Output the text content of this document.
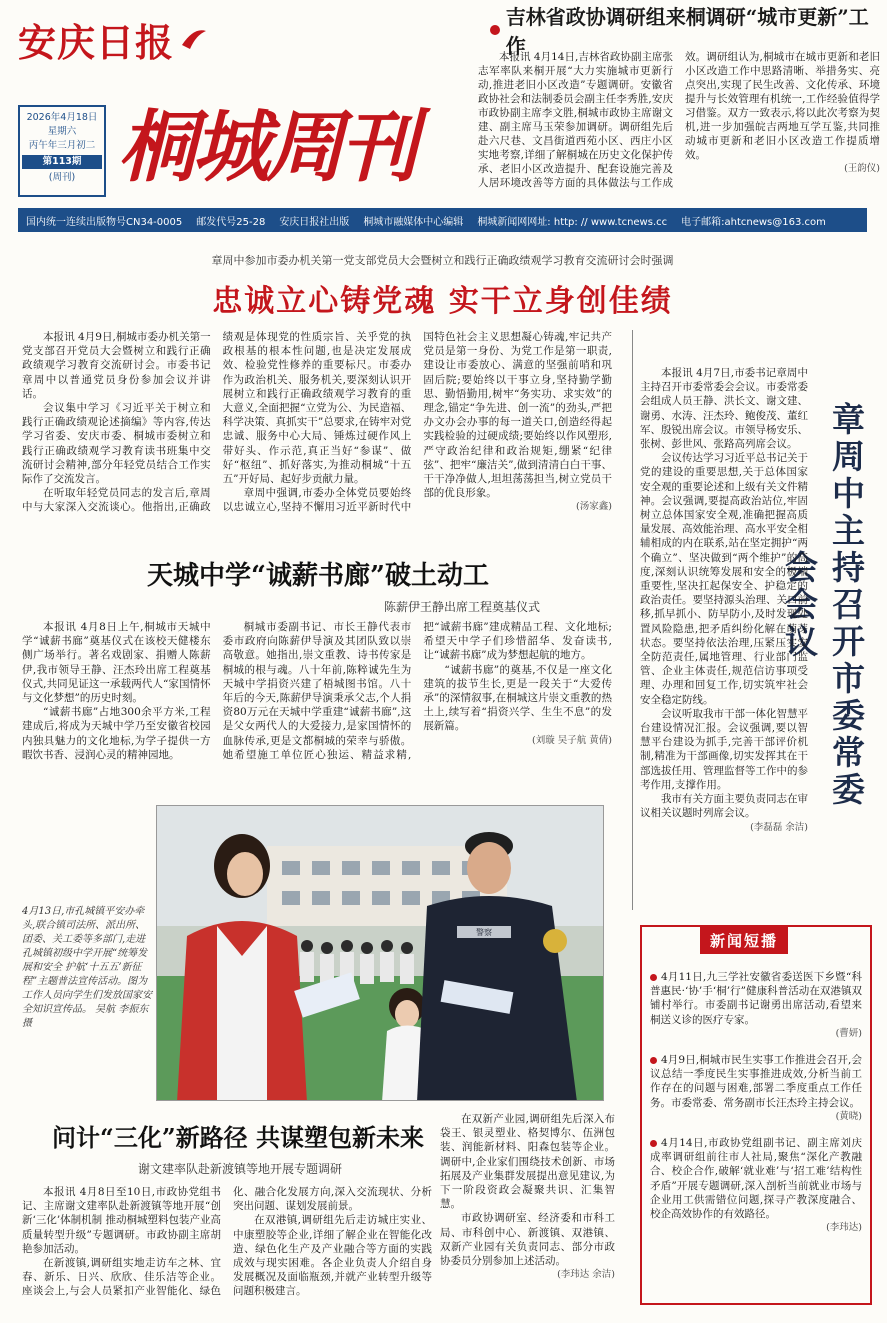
安庆日报
2026年4月18日
星期六
丙午年三月初二
第113期
(周刊) 桐城周刊
吉林省政协调研组来桐调研“城市更新”工作

本报讯 4月14日,吉林省政协副主席张志军率队来桐开展“大力实施城市更新行动,推进老旧小区改造”专题调研。安徽省政协社会和法制委员会副主任李秀胜,安庆市政协副主席李文胜,桐城市政协主席谢文建、副主席马玉荣参加调研。调研组先后赴六尺巷、文昌街道西苑小区、西庄小区实地考察,详细了解桐城在历史文化保护传承、老旧小区改造提升、配套设施完善及人居环境改善等方面的具体做法与工作成效。调研组认为,桐城市在城市更新和老旧小区改造工作中思路清晰、举措务实、亮点突出,实现了民生改善、文化传承、环境提升与长效管理有机统一,工作经验值得学习借鉴。双方一致表示,将以此次考察为契机,进一步加强皖吉两地互学互鉴,共同推动城市更新和老旧小区改造工作提质增效。

(王韵仪)
国内统一连续出版物号CN34-0005 邮发代号25-28 安庆日报社出版 桐城市融媒体中心编辑 桐城新闻网网址: http: // www.tcnews.cc 电子邮箱:ahtcnews@163.com
章周中参加市委办机关第一党支部党员大会暨树立和践行正确政绩观学习教育交流研讨会时强调
忠诚立心铸党魂 实干立身创佳绩

本报讯 4月9日,桐城市委办机关第一党支部召开党员大会暨树立和践行正确政绩观学习教育交流研讨会。市委书记章周中以普通党员身份参加会议并讲话。

会议集中学习《习近平关于树立和践行正确政绩观论述摘编》等内容,传达学习省委、安庆市委、桐城市委树立和践行正确政绩观学习教育读书班集中交流研讨会精神,部分年轻党员结合工作实际作了交流发言。

在听取年轻党员同志的发言后,章周中与大家深入交流谈心。他指出,正确政绩观是体现党的性质宗旨、关乎党的执政根基的根本性问题,也是决定发展成效、检验党性修养的重要标尺。市委办作为政治机关、服务机关,要深刻认识开展树立和践行正确政绩观学习教育的重大意义,全面把握“立党为公、为民造福、科学决策、真抓实干”总要求,在铸牢对党忠诚、服务中心大局、锤炼过硬作风上带好头、作示范,真正当好“参谋”、做好“枢纽”、抓好落实,为推动桐城“十五五”开好局、起好步贡献力量。

章周中强调,市委办全体党员要始终以忠诚立心,坚持不懈用习近平新时代中国特色社会主义思想凝心铸魂,牢记共产党员是第一身份、为党工作是第一职责,建设让市委放心、满意的坚强前哨和巩固后院;要始终以干事立身,坚持勤学勤思、勤悟勤用,树牢“务实功、求实效”的理念,锚定“争先进、创一流”的劲头,严把办文办会办事的每一道关口,创造经得起实践检验的过硬成绩;要始终以作风塑形,严守政治纪律和政治规矩,绷紧“纪律弦”、把牢“廉洁关”,做到清清白白干事、干干净净做人,坦坦荡荡担当,树立党员干部的优良形象。

(汤家鑫)	章周中主持召开市委常委会会议

本报讯 4月7日,市委书记章周中主持召开市委常委会会议。市委常委会组成人员王静、洪长文、谢文建、谢勇、水涛、汪杰玲、鲍俊茂、董红军、殷锐出席会议。市领导杨安乐、张树、彭世风、张路高列席会议。

会议传达学习习近平总书记关于党的建设的重要思想,关于总体国家安全观的重要论述和上级有关文件精神。会议强调,要提高政治站位,牢固树立总体国家安全观,准确把握高质量发展、高效能治理、高水平安全相辅相成的内在联系,站在坚定拥护“两个确立”、坚决做到“两个维护”的高度,深刻认识统筹发展和安全的极端重要性,坚决扛起保安全、护稳定的政治责任。要坚持源头治理、关口前移,抓早抓小、防早防小,及时发现处置风险隐患,把矛盾纠纷化解在萌芽状态。要坚持依法治理,压紧压实安全防范责任,属地管理、行业部门监管、企业主体责任,规范信访事项受理、办理和回复工作,切实筑牢社会安全稳定防线。

会议听取我市干部一体化智慧平台建设情况汇报。会议强调,要以智慧平台建设为抓手,完善干部评价机制,精准为干部画像,切实发挥其在干部选拔任用、管理监督等工作中的参考作用,支撑作用。

我市有关方面主要负责同志在审议相关议题时列席会议。

(李磊磊 余洁)
天城中学“诚薪书廊”破土动工
陈薪伊王静出席工程奠基仪式

本报讯 4月8日上午,桐城市天城中学“诚薪书廊”奠基仪式在该校天健楼东侧广场举行。著名戏剧家、捐赠人陈薪伊,我市领导王静、汪杰玲出席工程奠基仪式,共同见证这一承载两代人“家国情怀与文化梦想”的历史时刻。

“诚薪书廊”占地300余平方米,工程建成后,将成为天城中学乃至安徽省校园内独具魅力的文化地标,为学子提供一方暇饮书香、浸润心灵的精神园地。

桐城市委副书记、市长王静代表市委市政府向陈薪伊导演及其团队致以崇高敬意。她指出,崇文重教、诗书传家是桐城的根与魂。八十年前,陈粹诚先生为天城中学捐资兴建了梧城图书馆。八十年后的今天,陈薪伊导演秉承父志,个人捐资80万元在天城中学重建“诚薪书廊”,这是父女两代人的大爱接力,是家国情怀的血脉传承,更是文都桐城的荣幸与骄傲。她希望施工单位匠心独运、精益求精,把“诚薪书廊”建成精品工程、文化地标;希望天中学子们珍惜韶华、发奋读书,让“诚薪书廊”成为梦想起航的地方。

“诚薪书廊”的奠基,不仅是一座文化建筑的拔节生长,更是一段关于“大爱传承”的深情叙事,在桐城这片崇文重教的热土上,续写着“捐资兴学、生生不息”的发展新篇。

(刘璇 吴子航 黄倩)
警察
SEASON
4月13日,市孔城镇平安办牵头,联合镇司法所、派出所、团委、关工委等多部门,走进孔城镇初级中学开展“统筹发展和安全 护航‘十五五’新征程”主题普法宣传活动。图为工作人员向学生们发放国家安全知识宣传品。 吴航 李振东 摄
问计“三化”新路径 共谋塑包新未来
谢文建率队赴新渡镇等地开展专题调研

本报讯 4月8日至10日,市政协党组书记、主席谢文建率队赴新渡镇等地开展“创新‘三化’体制机制 推动桐城塑料包装产业高质量转型升级”专题调研。市政协副主席胡艳参加活动。

在新渡镇,调研组实地走访车之林、宜春、新乐、日兴、欣欣、佳乐洁等企业。座谈会上,与会人员紧扣产业智能化、绿色化、融合化发展方向,深入交流现状、分析突出问题、谋划发展前景。

在双港镇,调研组先后走访城庄实业、中康塑胶等企业,详细了解企业在智能化改造、绿色化生产及产业融合等方面的实践成效与现实困难。各企业负责人介绍自身发展概况及面临瓶颈,并就产业转型升级等问题积极建言。

在双新产业园,调研组先后深入布袋王、银灵塑业、格契博尔、伍洲包装、润能新材料、阳森包装等企业。调研中,企业家们围绕技术创新、市场拓展及产业集群发展提出意见建议,为下一阶段资政会凝聚共识、汇集智慧。

市政协调研室、经济委和市科工局、市科创中心、新渡镇、双港镇、双新产业园有关负责同志、部分市政协委员分别参加上述活动。

(李玮达 余洁)
新闻短播
4月11日,九三学社安徽省委送医下乡暨“科普惠民·‘协’手‘桐’行”健康科普活动在双港镇双铺村举行。市委副书记谢勇出席活动,看望来桐送义诊的医疗专家。
(曹妍)
4月9日,桐城市民生实事工作推进会召开,会议总结一季度民生实事推进成效,分析当前工作存在的问题与困难,部署二季度重点工作任务。市委常委、常务副市长汪杰玲主持会议。
(黄晓)
4月14日,市政协党组副书记、副主席刘庆成率调研组前往市人社局,聚焦“深化产教融合、校企合作,破解‘就业难’与‘招工难’结构性矛盾”开展专题调研,深入剖析当前就业市场与企业用工供需错位问题,探寻产教深度融合、校企高效协作的有效路径。
(李玮达)
